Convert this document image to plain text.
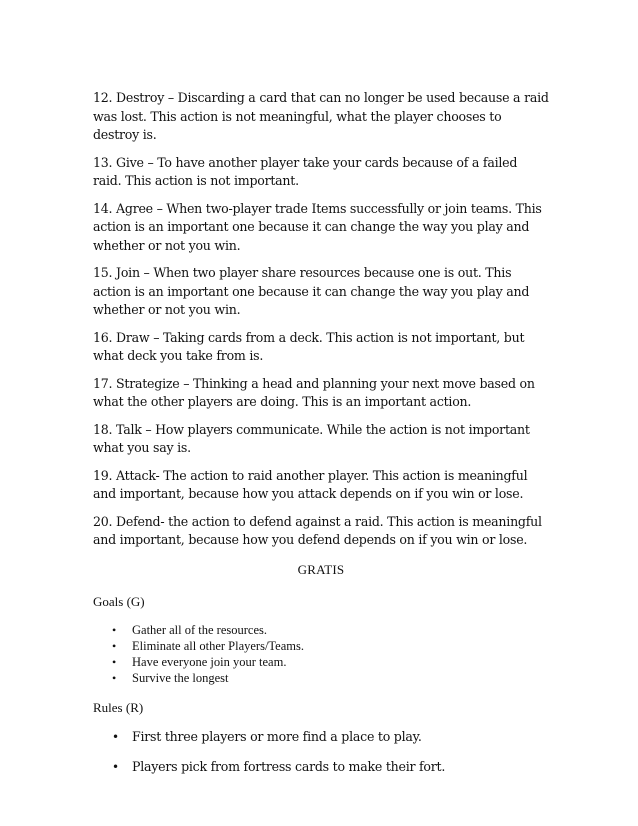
12. Destroy – Discarding a card that can no longer be used because a raid was lost. This action is not meaningful, what the player chooses to destroy is.

13. Give – To have another player take your cards because of a failed raid. This action is not important.

14. Agree – When two-player trade Items successfully or join teams. This action is an important one because it can change the way you play and whether or not you win.

15. Join – When two player share resources because one is out. This action is an important one because it can change the way you play and whether or not you win.

16. Draw – Taking cards from a deck. This action is not important, but what deck you take from is.

17. Strategize – Thinking a head and planning your next move based on what the other players are doing. This is an important action.

18. Talk – How players communicate. While the action is not important what you say is.

19. Attack- The action to raid another player. This action is meaningful and important, because how you attack depends on if you win or lose.

20. Defend- the action to defend against a raid. This action is meaningful and important, because how you defend depends on if you win or lose.

GRATIS
Goals (G)
• Gather all of the resources.
• Eliminate all other Players/Teams.
• Have everyone join your team.
• Survive the longest
Rules (R)
• First three players or more find a place to play.
• Players pick from fortress cards to make their fort.
